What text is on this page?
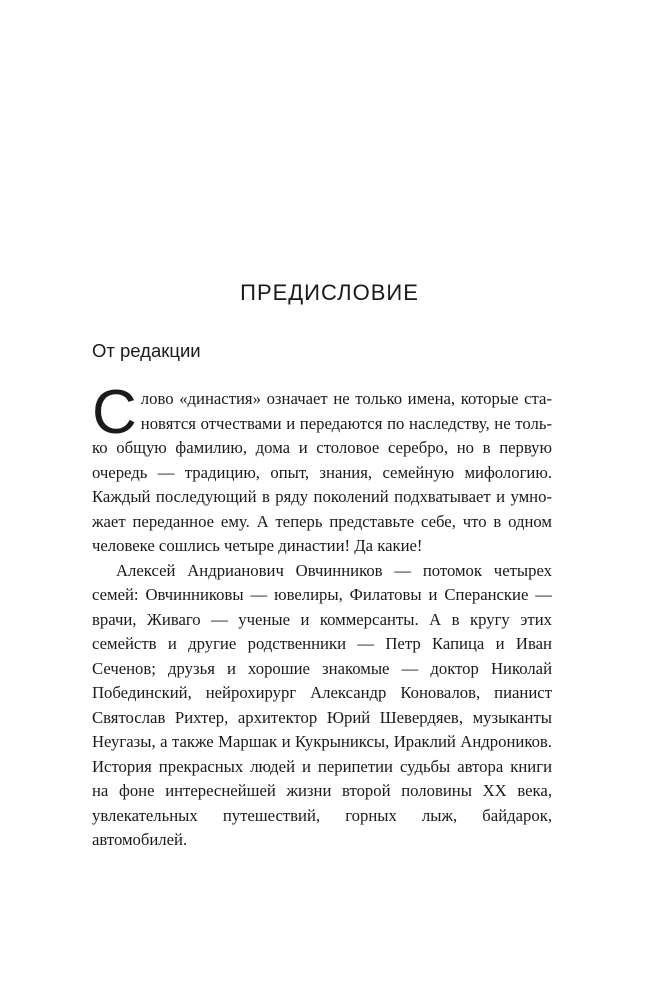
ПРЕДИСЛОВИЕ
От редакции

Слово «династия» означает не только имена, которые становятся отчествами и передаются по наследству, не только общую фамилию, дома и столовое серебро, но в первую очередь — традицию, опыт, знания, семейную мифологию. Каждый последующий в ряду поколений подхватывает и умножает переданное ему. А теперь представьте себе, что в одном человеке сошлись четыре династии! Да какие!

Алексей Андрианович Овчинников — потомок четырех семей: Овчинниковы — ювелиры, Филатовы и Сперанские — врачи, Живаго — ученые и коммерсанты. А в кругу этих семейств и другие родственники — Петр Капица и Иван Сеченов; друзья и хорошие знакомые — доктор Николай Побединский, нейрохирург Александр Коновалов, пианист Святослав Рихтер, архитектор Юрий Шевердяев, музыканты Неугазы, а также Маршак и Кукрыниксы, Ираклий Андроников. История прекрасных людей и перипетии судьбы автора книги на фоне интереснейшей жизни второй половины XX века, увлекательных путешествий, горных лыж, байдарок, автомобилей.
